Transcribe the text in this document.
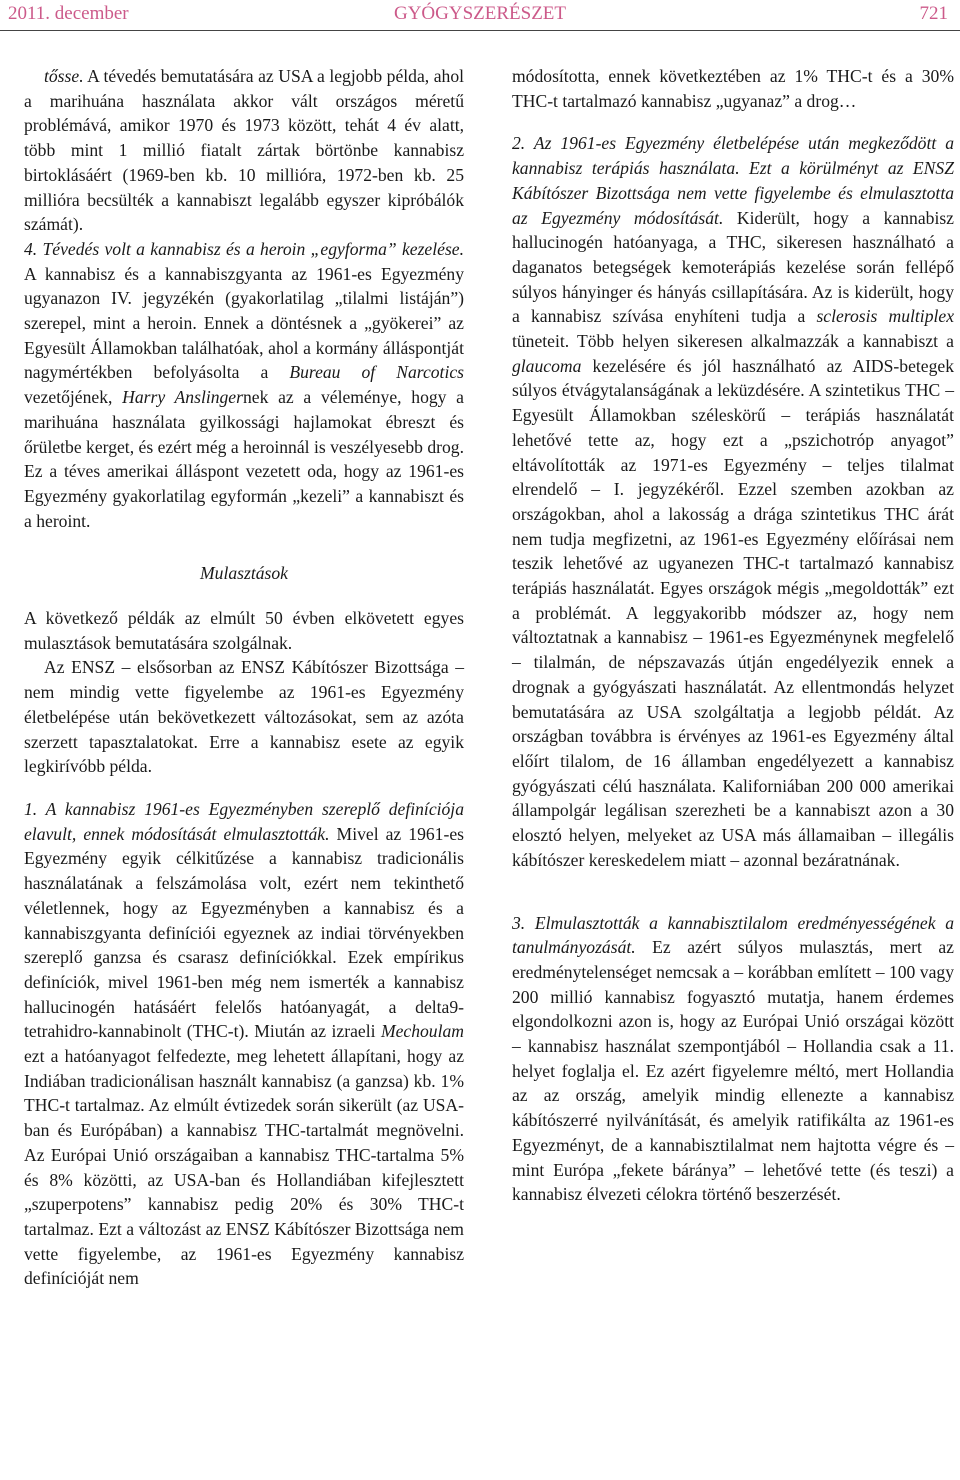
2011. december	GYÓGYSZERÉSZET	721

tősse. A tévedés bemutatására az USA a legjobb példa, ahol a marihuána használata akkor vált országos méretű problémává, amikor 1970 és 1973 között, tehát 4 év alatt, több mint 1 millió fiatalt zártak börtönbe kannabisz birtoklásáért (1969-ben kb. 10 millióra, 1972-ben kb. 25 millióra becsülték a kannabiszt legalább egyszer kipróbálók számát).

4. Tévedés volt a kannabisz és a heroin „egyforma” kezelése. A kannabisz és a kannabiszgyanta az 1961-es Egyezmény ugyanazon IV. jegyzékén (gyakorlatilag „tilalmi listáján”) szerepel, mint a heroin. Ennek a döntésnek a „gyökerei” az Egyesült Államokban találhatóak, ahol a kormány álláspontját nagymértékben befolyásolta a Bureau of Narcotics vezetőjének, Harry Anslingernek az a véleménye, hogy a marihuána használata gyilkossági hajlamokat ébreszt és őrületbe kerget, és ezért még a heroinnál is veszélyesebb drog. Ez a téves amerikai álláspont vezetett oda, hogy az 1961-es Egyezmény gyakorlatilag egyformán „kezeli” a kannabiszt és a heroint.

Mulasztások

A következő példák az elmúlt 50 évben elkövetett egyes mulasztások bemutatására szolgálnak.

Az ENSZ – elsősorban az ENSZ Kábítószer Bizottsága – nem mindig vette figyelembe az 1961-es Egyezmény életbelépése után bekövetkezett változásokat, sem az azóta szerzett tapasztalatokat. Erre a kannabisz esete az egyik legkirívóbb példa.

1. A kannabisz 1961-es Egyezményben szereplő definíciója elavult, ennek módosítását elmulasztották. Mivel az 1961-es Egyezmény egyik célkitűzése a kannabisz tradicionális használatának a felszámolása volt, ezért nem tekinthető véletlennek, hogy az Egyezményben a kannabisz és a kannabiszgyanta definíciói egyeznek az indiai törvényekben szereplő ganzsa és csarasz definíciókkal. Ezek empírikus definíciók, mivel 1961-ben még nem ismerték a kannabisz hallucinogén hatásáért felelős hatóanyagát, a delta9-tetrahidro-kannabinolt (THC-t). Miután az izraeli Mechoulam ezt a hatóanyagot felfedezte, meg lehetett állapítani, hogy az Indiában tradicionálisan használt kannabisz (a ganzsa) kb. 1% THC-t tartalmaz. Az elmúlt évtizedek során sikerült (az USA-ban és Európában) a kannabisz THC-tartalmát megnövelni. Az Európai Unió országaiban a kannabisz THC-tartalma 5% és 8% közötti, az USA-ban és Hollandiában kifejlesztett „szuperpotens” kannabisz pedig 20% és 30% THC-t tartalmaz. Ezt a változást az ENSZ Kábítószer Bizottsága nem vette figyelembe, az 1961-es Egyezmény kannabisz definícióját nem

módosította, ennek következtében az 1% THC-t és a 30% THC-t tartalmazó kannabisz „ugyanaz” a drog…

2. Az 1961-es Egyezmény életbelépése után megkeződött a kannabisz terápiás használata. Ezt a körülményt az ENSZ Kábítószer Bizottsága nem vette figyelembe és elmulasztotta az Egyezmény módosítását. Kiderült, hogy a kannabisz hallucinogén hatóanyaga, a THC, sikeresen használható a daganatos betegségek kemoterápiás kezelése során fellépő súlyos hányinger és hányás csillapítására. Az is kiderült, hogy a kannabisz szívása enyhíteni tudja a sclerosis multiplex tüneteit. Több helyen sikeresen alkalmazzák a kannabiszt a glaucoma kezelésére és jól használható az AIDS-betegek súlyos étvágytalanságának a leküzdésére. A szintetikus THC – Egyesült Államokban széleskörű – terápiás használatát lehetővé tette az, hogy ezt a „pszichotróp anyagot” eltávolították az 1971-es Egyezmény – teljes tilalmat elrendelő – I. jegyzékéről. Ezzel szemben azokban az országokban, ahol a lakosság a drága szintetikus THC árát nem tudja megfizetni, az 1961-es Egyezmény előírásai nem teszik lehetővé az ugyanezen THC-t tartalmazó kannabisz terápiás használatát. Egyes országok mégis „megoldották” ezt a problémát. A leggyakoribb módszer az, hogy nem változtatnak a kannabisz – 1961-es Egyezménynek megfelelő – tilalmán, de népszavazás útján engedélyezik ennek a drognak a gyógyászati használatát. Az ellentmondás helyzet bemutatására az USA szolgáltatja a legjobb példát. Az országban továbbra is érvényes az 1961-es Egyezmény által előírt tilalom, de 16 államban engedélyezett a kannabisz gyógyászati célú használata. Kaliforniában 200 000 amerikai állampolgár legálisan szerezheti be a kannabiszt azon a 30 elosztó helyen, melyeket az USA más államaiban – illegális kábítószer kereskedelem miatt – azonnal bezáratnának.

3. Elmulasztották a kannabisztilalom eredményességének a tanulmányozását. Ez azért súlyos mulasztás, mert az eredménytelenséget nemcsak a – korábban említett – 100 vagy 200 millió kannabisz fogyasztó mutatja, hanem érdemes elgondolkozni azon is, hogy az Európai Unió országai között – kannabisz használat szempontjából – Hollandia csak a 11. helyet foglalja el. Ez azért figyelemre méltó, mert Hollandia az az ország, amelyik mindig ellenezte a kannabisz kábítószerré nyilvánítását, és amelyik ratifikálta az 1961-es Egyezményt, de a kannabisztilalmat nem hajtotta végre és – mint Európa „fekete báránya” – lehetővé tette (és teszi) a kannabisz élvezeti célokra történő beszerzését.
